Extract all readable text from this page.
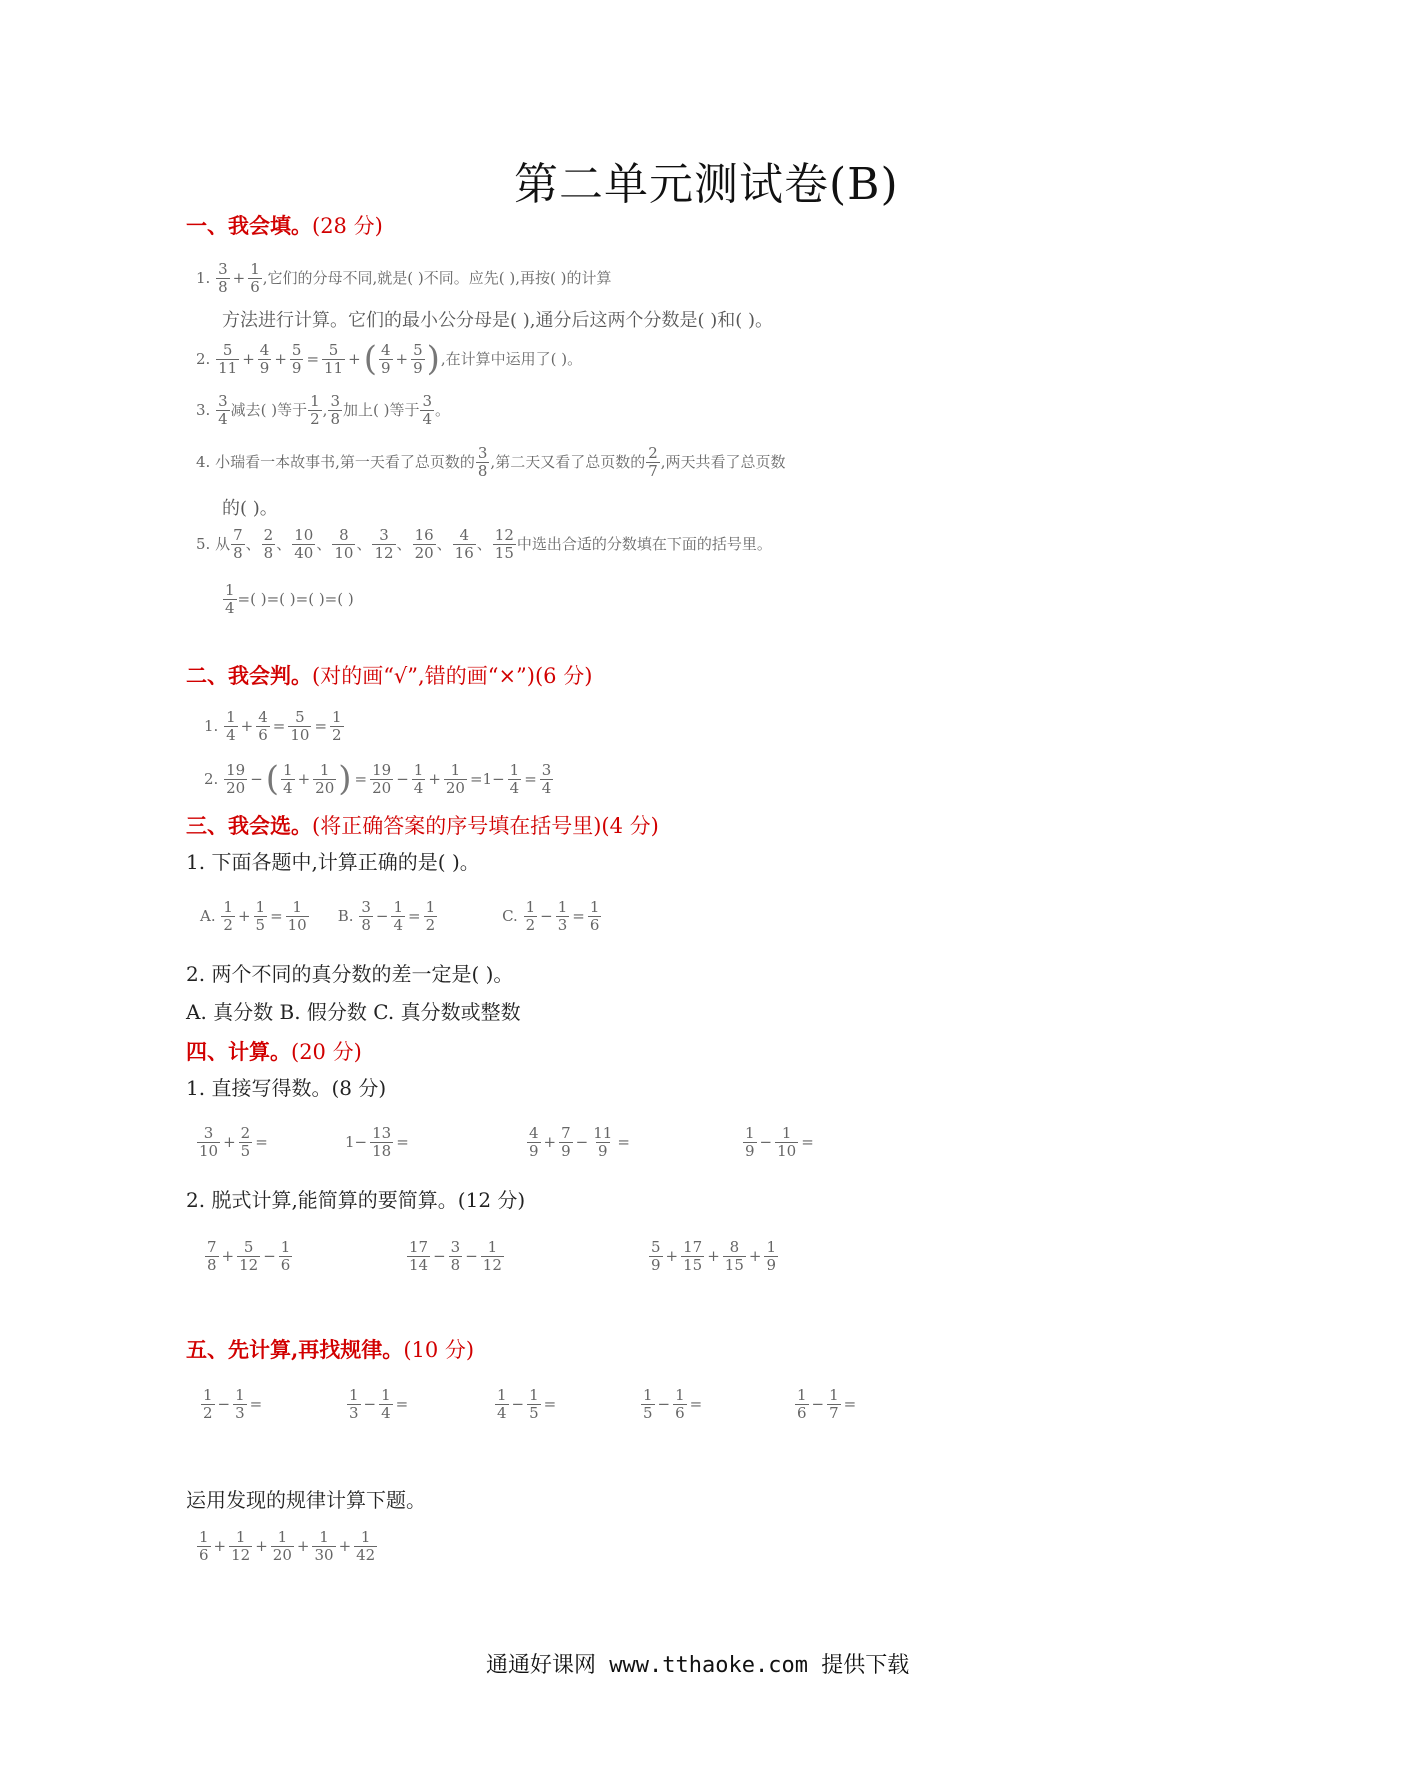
第二单元测试卷(B)
一、我会填。(28 分)
1.
$\frac{3}{8} + \frac{1}{6}$ ,它们的分母不同,就是( )不同。应先( ),再按( )的计算
方法进行计算。它们的最小公分母是( ),通分后这两个分数是( )和( )。
2.
$\frac{5}{11} + \frac{4}{9} + \frac{5}{9} = \frac{5}{11}$ + ( $\frac{4}{9} + \frac{5}{9}$ ) ,在计算中运用了( )。
3.
$\frac{3}{4}$ 减去( )等于 $\frac{1}{2}$ , $\frac{3}{8}$ 加上( )等于 $\frac{3}{4}$ 。
4.
小瑞看一本故事书,第一天看了总页数的 $\frac{3}{8}$ ,第二天又看了总页数的 $\frac{2}{7}$ ,两天共看了总页数
的( )。
5.
从 $\frac{7}{8}$ 、 $\frac{2}{8}$ 、 $\frac{10}{40}$ 、 $\frac{8}{10}$ 、 $\frac{3}{12}$ 、 $\frac{16}{20}$ 、 $\frac{4}{16}$ 、 $\frac{12}{15}$ 中选出合适的分数填在下面的括号里。
$\frac{1}{4}$ =( )=( )=( )=( )
二、我会判。(对的画“√”,错的画“×”)(6 分)
1.
$\frac{1}{4} + \frac{4}{6} = \frac{5}{10} = \frac{1}{2}$
2.
$\frac{19}{20}$ − ( $\frac{1}{4} + \frac{1}{20}$ ) = $\frac{19}{20} - \frac{1}{4} + \frac{1}{20} =1- \frac{1}{4} = \frac{3}{4}$
三、我会选。(将正确答案的序号填在括号里)(4 分)
1. 下面各题中,计算正确的是( )。
A.
$\frac{1}{2} + \frac{1}{5} = \frac{1}{10} B$.
$\frac{3}{8} - \frac{1}{4} = \frac{1}{2}$	C.
$\frac{1}{2} - \frac{1}{3} = \frac{1}{6}$
2. 两个不同的真分数的差一定是( )。
A. 真分数 B. 假分数 C. 真分数或整数
四、计算。(20 分)
1. 直接写得数。(8 分)
$\frac{3}{10} + \frac{2}{5}$ =	$1- \frac{13}{18}$ =	$\frac{4}{9} + \frac{7}{9} - \frac{11}{9}$ =	$\frac{1}{9} - \frac{1}{10}$ =
2. 脱式计算,能简算的要简算。(12 分)
$\frac{7}{8} + \frac{5}{12} - \frac{1}{6}$	$\frac{17}{14} - \frac{3}{8} - \frac{1}{12}$	$\frac{5}{9} + \frac{17}{15} + \frac{8}{15} + \frac{1}{9}$
五、先计算,再找规律。(10 分)
$\frac{1}{2} - \frac{1}{3}$ =	$\frac{1}{3} - \frac{1}{4}$ =	$\frac{1}{4} - \frac{1}{5}$ =	$\frac{1}{5} - \frac{1}{6}$ =	$\frac{1}{6} - \frac{1}{7}$ =
运用发现的规律计算下题。
$\frac{1}{6} + \frac{1}{12} + \frac{1}{20} + \frac{1}{30} + \frac{1}{42}$
通通好课网 www.tthaoke.com 提供下载
